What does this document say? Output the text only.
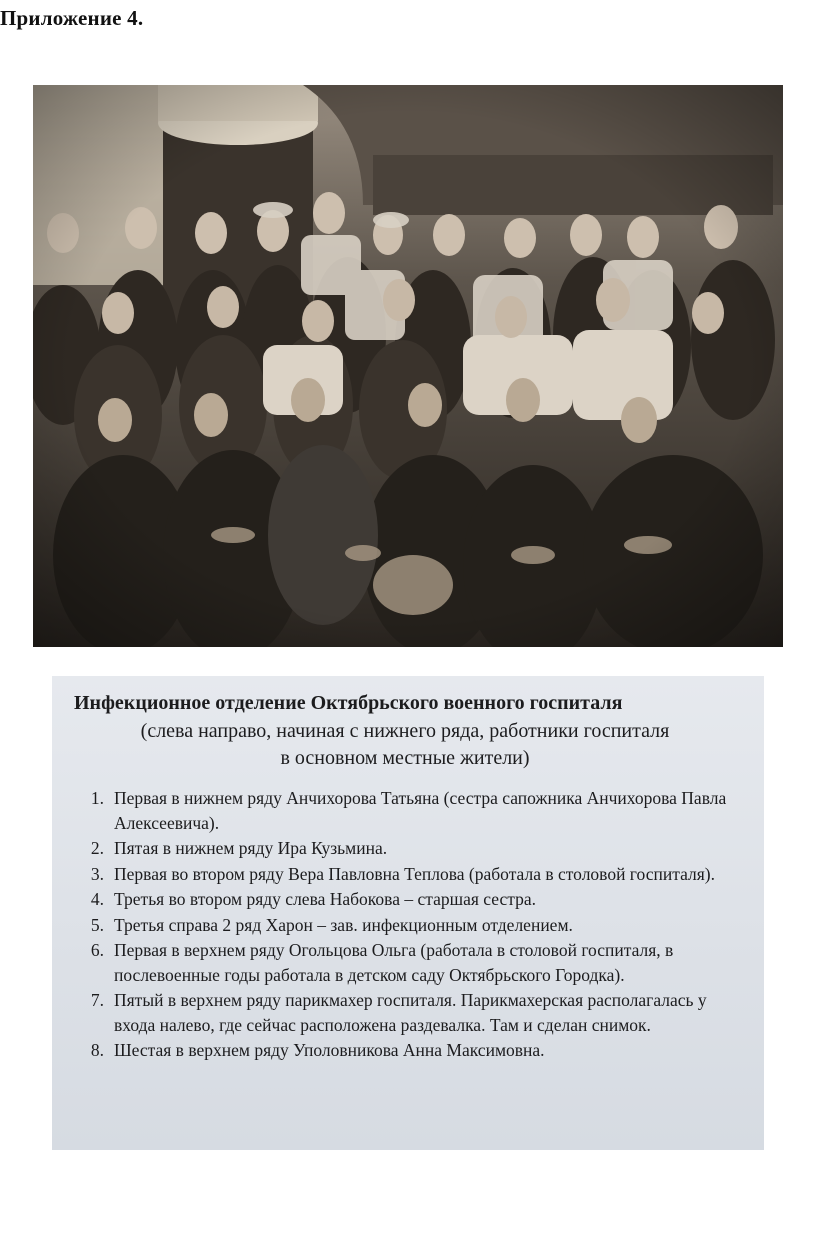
Приложение 4.

Инфекционное отделение Октябрьского военного госпиталя

(слева направо, начиная с нижнего ряда, работники госпиталя
в основном местные жители)

1. Первая в нижнем ряду Анчихорова Татьяна (сестра сапожника Анчихорова Павла Алексеевича).
2. Пятая в нижнем ряду Ира Кузьмина.
3. Первая во втором ряду Вера Павловна Теплова (работала в столовой госпиталя).
4. Третья во втором ряду слева Набокова – старшая сестра.
5. Третья справа 2 ряд Харон – зав. инфекционным отделением.
6. Первая в верхнем ряду Огольцова Ольга (работала в столовой госпиталя, в послевоенные годы работала в детском саду Октябрьского Городка).
7. Пятый в верхнем ряду парикмахер госпиталя. Парикмахерская располагалась у входа налево, где сейчас расположена раздевалка. Там и сделан снимок.
8. Шестая в верхнем ряду Уполовникова Анна Максимовна.
